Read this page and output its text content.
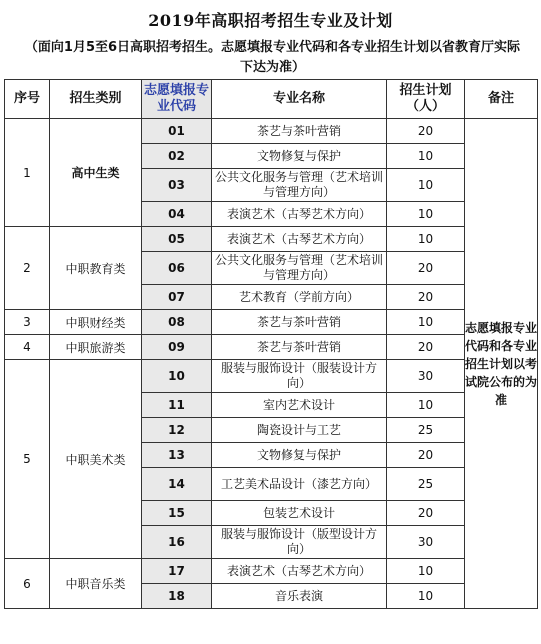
2019年高职招考招生专业及计划
（面向1月5至6日高职招考招生。志愿填报专业代码和各专业招生计划以省教育厅实际下达为准）
序号	招生类别	志愿填报专业代码	专业名称	招生计划（人）	备注
1	高中生类	01	茶艺与茶叶营销	20	志愿填报专业代码和各专业招生计划以考试院公布的为准
		02	文物修复与保护	10	
		03	公共文化服务与管理（艺术培训与管理方向）	10	
		04	表演艺术（古琴艺术方向）	10	
2	中职教育类	05	表演艺术（古琴艺术方向）	10	
		06	公共文化服务与管理（艺术培训与管理方向）	20	
		07	艺术教育（学前方向）	20	
3	中职财经类	08	茶艺与茶叶营销	10	
4	中职旅游类	09	茶艺与茶叶营销	20	
5	中职美术类	10	服装与服饰设计（服装设计方向）	30	
		11	室内艺术设计	10	
		12	陶瓷设计与工艺	25	
		13	文物修复与保护	20	
		14	工艺美术品设计（漆艺方向）	25	
		15	包装艺术设计	20	
		16	服装与服饰设计（版型设计方向）	30	
6	中职音乐类	17	表演艺术（古琴艺术方向）	10	
		18	音乐表演	10	
